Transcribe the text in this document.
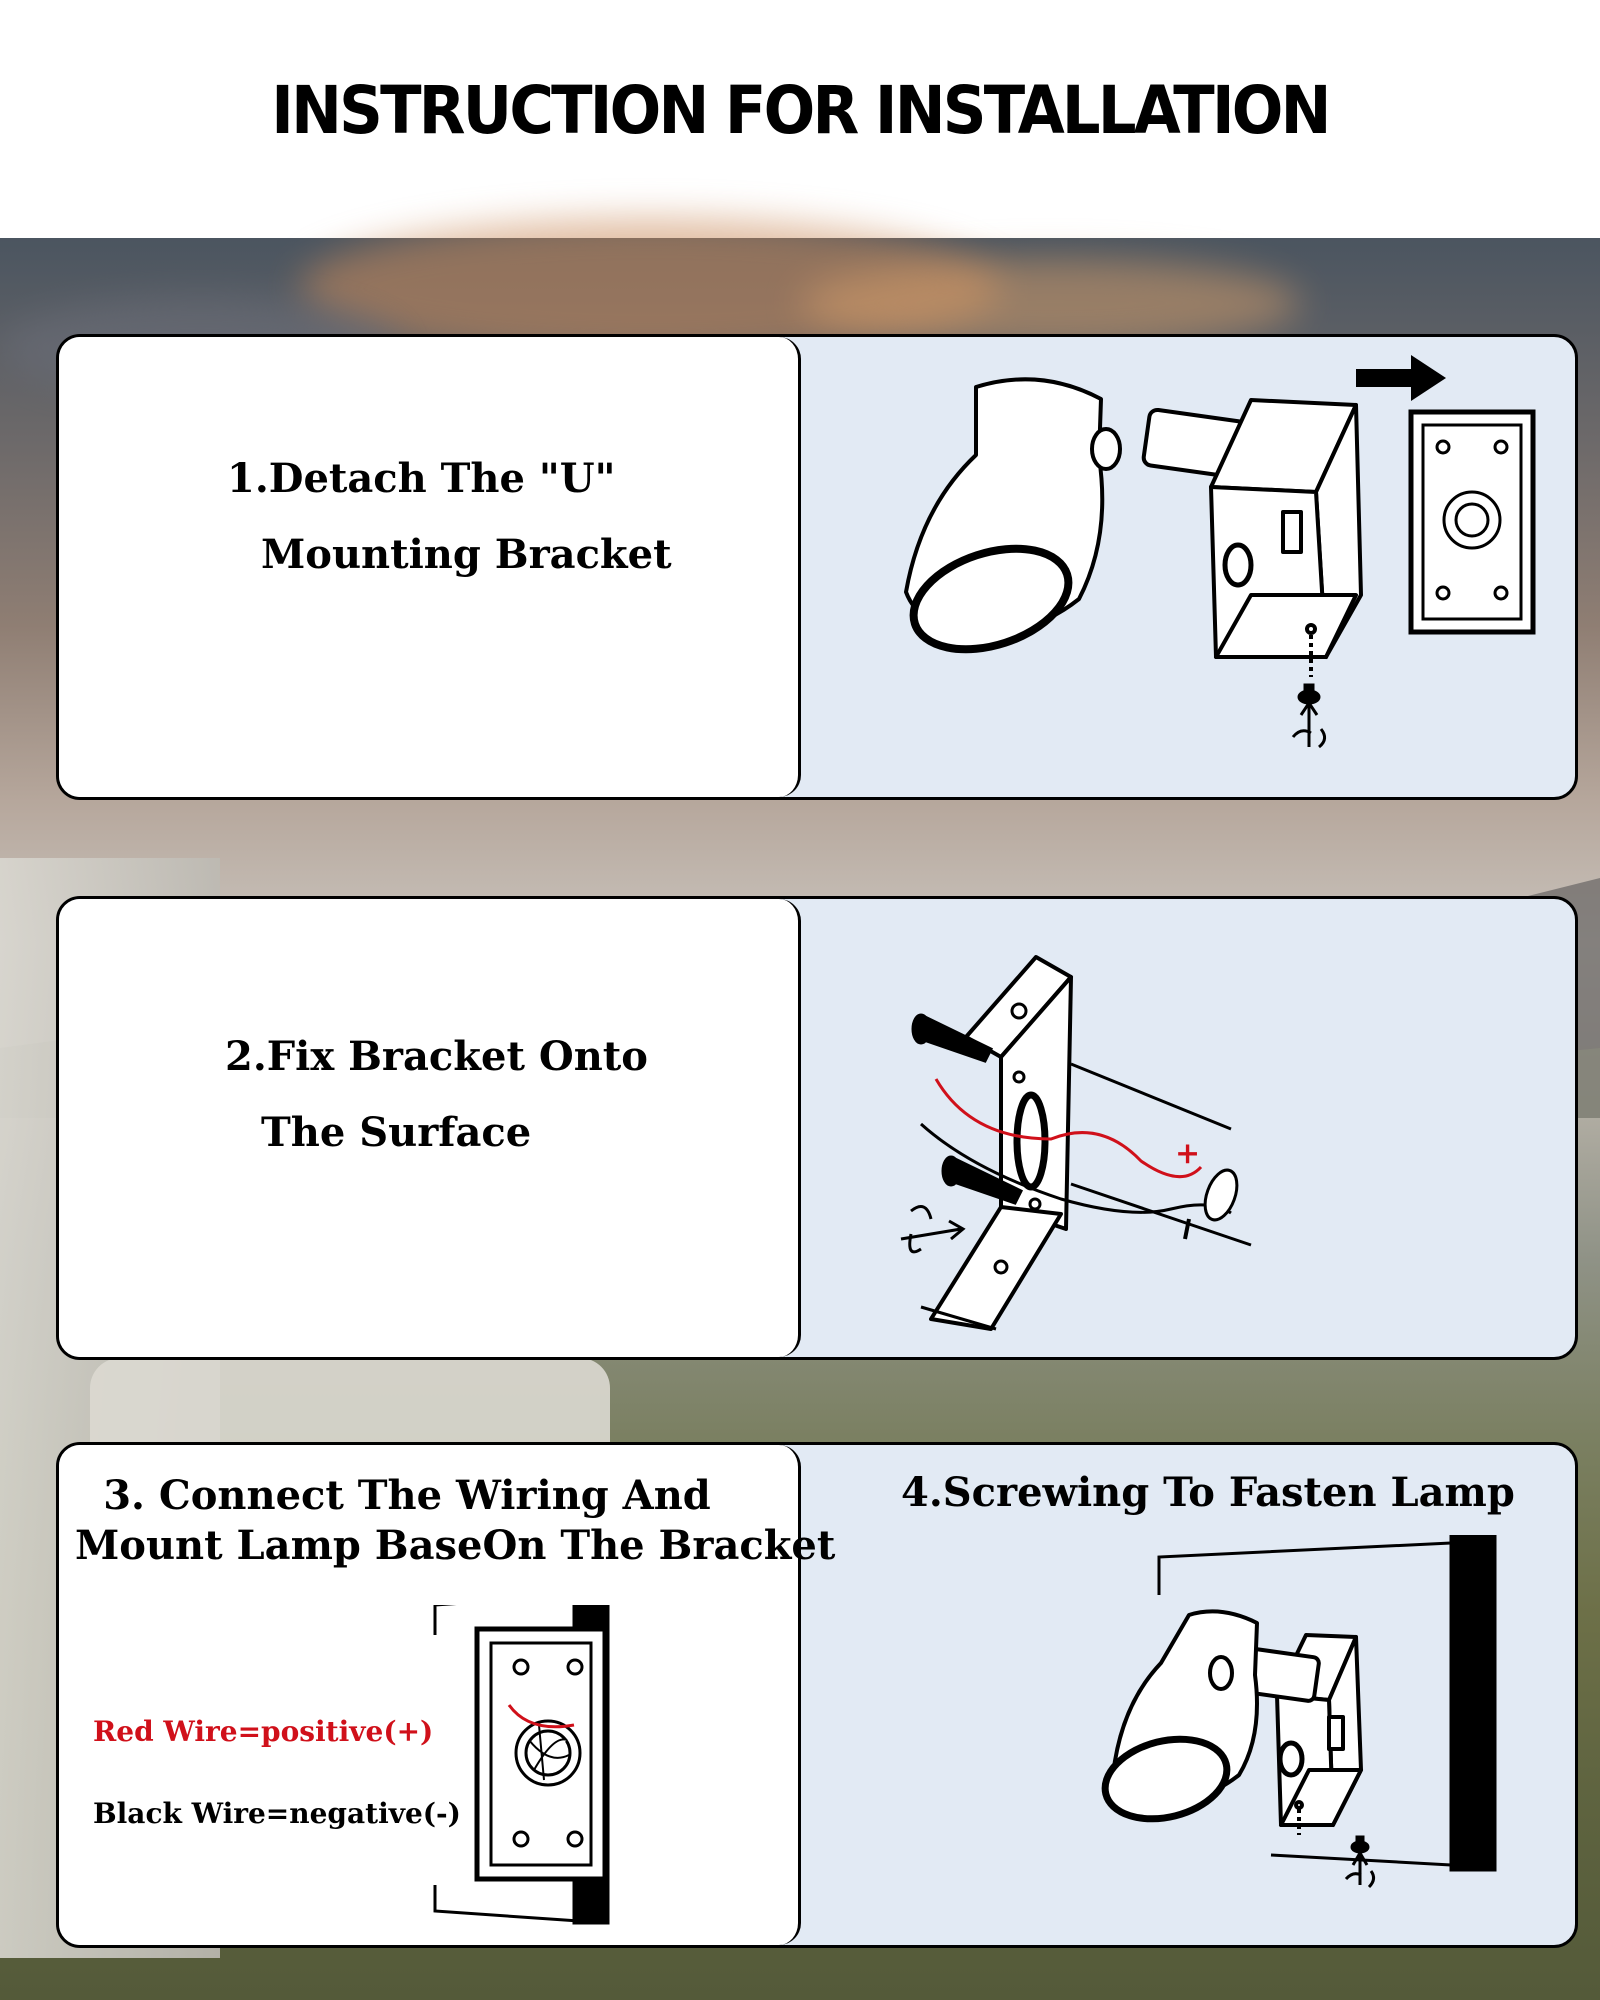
INSTRUCTION FOR INSTALLATION
1.Detach The "U"
Mounting Bracket
2.Fix Bracket Onto
The Surface	+
3. Connect The Wiring And
Mount Lamp BaseOn The Bracket
Red Wire=positive(+)
Black Wire=negative(-)
4.Screwing To Fasten Lamp
